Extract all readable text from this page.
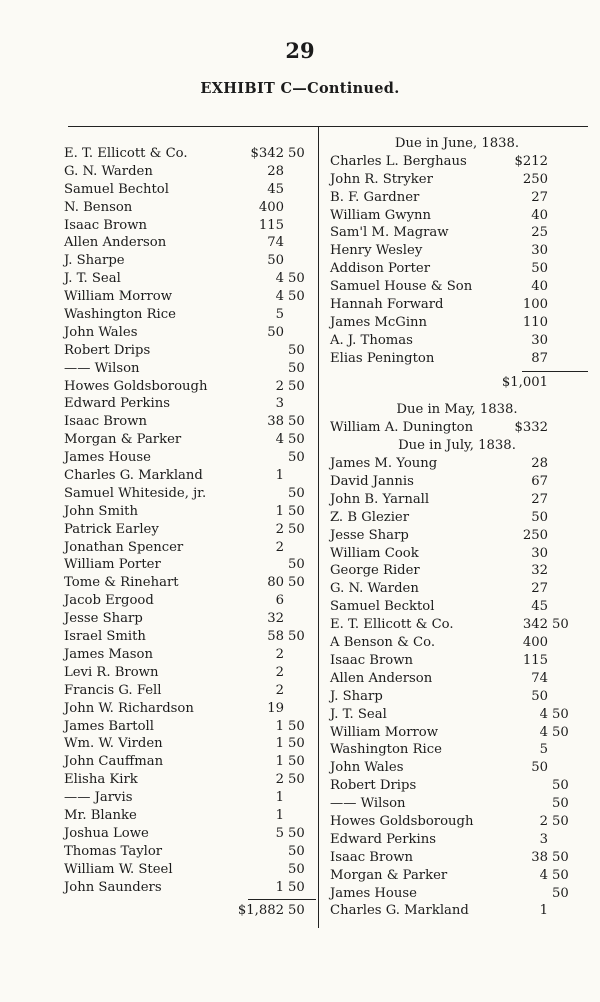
29
EXHIBIT C—Continued.
E. T. Ellicott & Co.	$342 50
G. N. Warden	28
Samuel Bechtol	45
N. Benson	400
Isaac Brown	115
Allen Anderson	74
J. Sharpe	50
J. T. Seal	4 50
William Morrow	4 50
Washington Rice	5
John Wales	50
Robert Drips	50
—— Wilson	50
Howes Goldsborough	2 50
Edward Perkins	3
Isaac Brown	38 50
Morgan & Parker	4 50
James House	50
Charles G. Markland	1
Samuel Whiteside, jr.	50
John Smith	1 50
Patrick Earley	2 50
Jonathan Spencer	2
William Porter	50
Tome & Rinehart	80 50
Jacob Ergood	6
Jesse Sharp	32
Israel Smith	58 50
James Mason	2
Levi R. Brown	2
Francis G. Fell	2
John W. Richardson	19
James Bartoll	1 50
Wm. W. Virden	1 50
John Cauffman	1 50
Elisha Kirk	2 50
—— Jarvis	1
Mr. Blanke	1
Joshua Lowe	5 50
Thomas Taylor	50
William W. Steel	50
John Saunders	1 50
$1,882 50
Due in June, 1838.
Charles L. Berghaus	$212
John R. Stryker	250
B. F. Gardner	27
William Gwynn	40
Sam'l M. Magraw	25
Henry Wesley	30
Addison Porter	50
Samuel House & Son	40
Hannah Forward	100
James McGinn	110
A. J. Thomas	30
Elias Penington	87
$1,001
Due in May, 1838.
William A. Dunington	$332
Due in July, 1838.
James M. Young	28
David Jannis	67
John B. Yarnall	27
Z. B Glezier	50
Jesse Sharp	250
William Cook	30
George Rider	32
G. N. Warden	27
Samuel Becktol	45
E. T. Ellicott & Co.	342 50
A Benson & Co.	400
Isaac Brown	115
Allen Anderson	74
J. Sharp	50
J. T. Seal	4 50
William Morrow	4 50
Washington Rice	5
John Wales	50
Robert Drips	50
—— Wilson	50
Howes Goldsborough	2 50
Edward Perkins	3
Isaac Brown	38 50
Morgan & Parker	4 50
James House	50
Charles G. Markland	1
